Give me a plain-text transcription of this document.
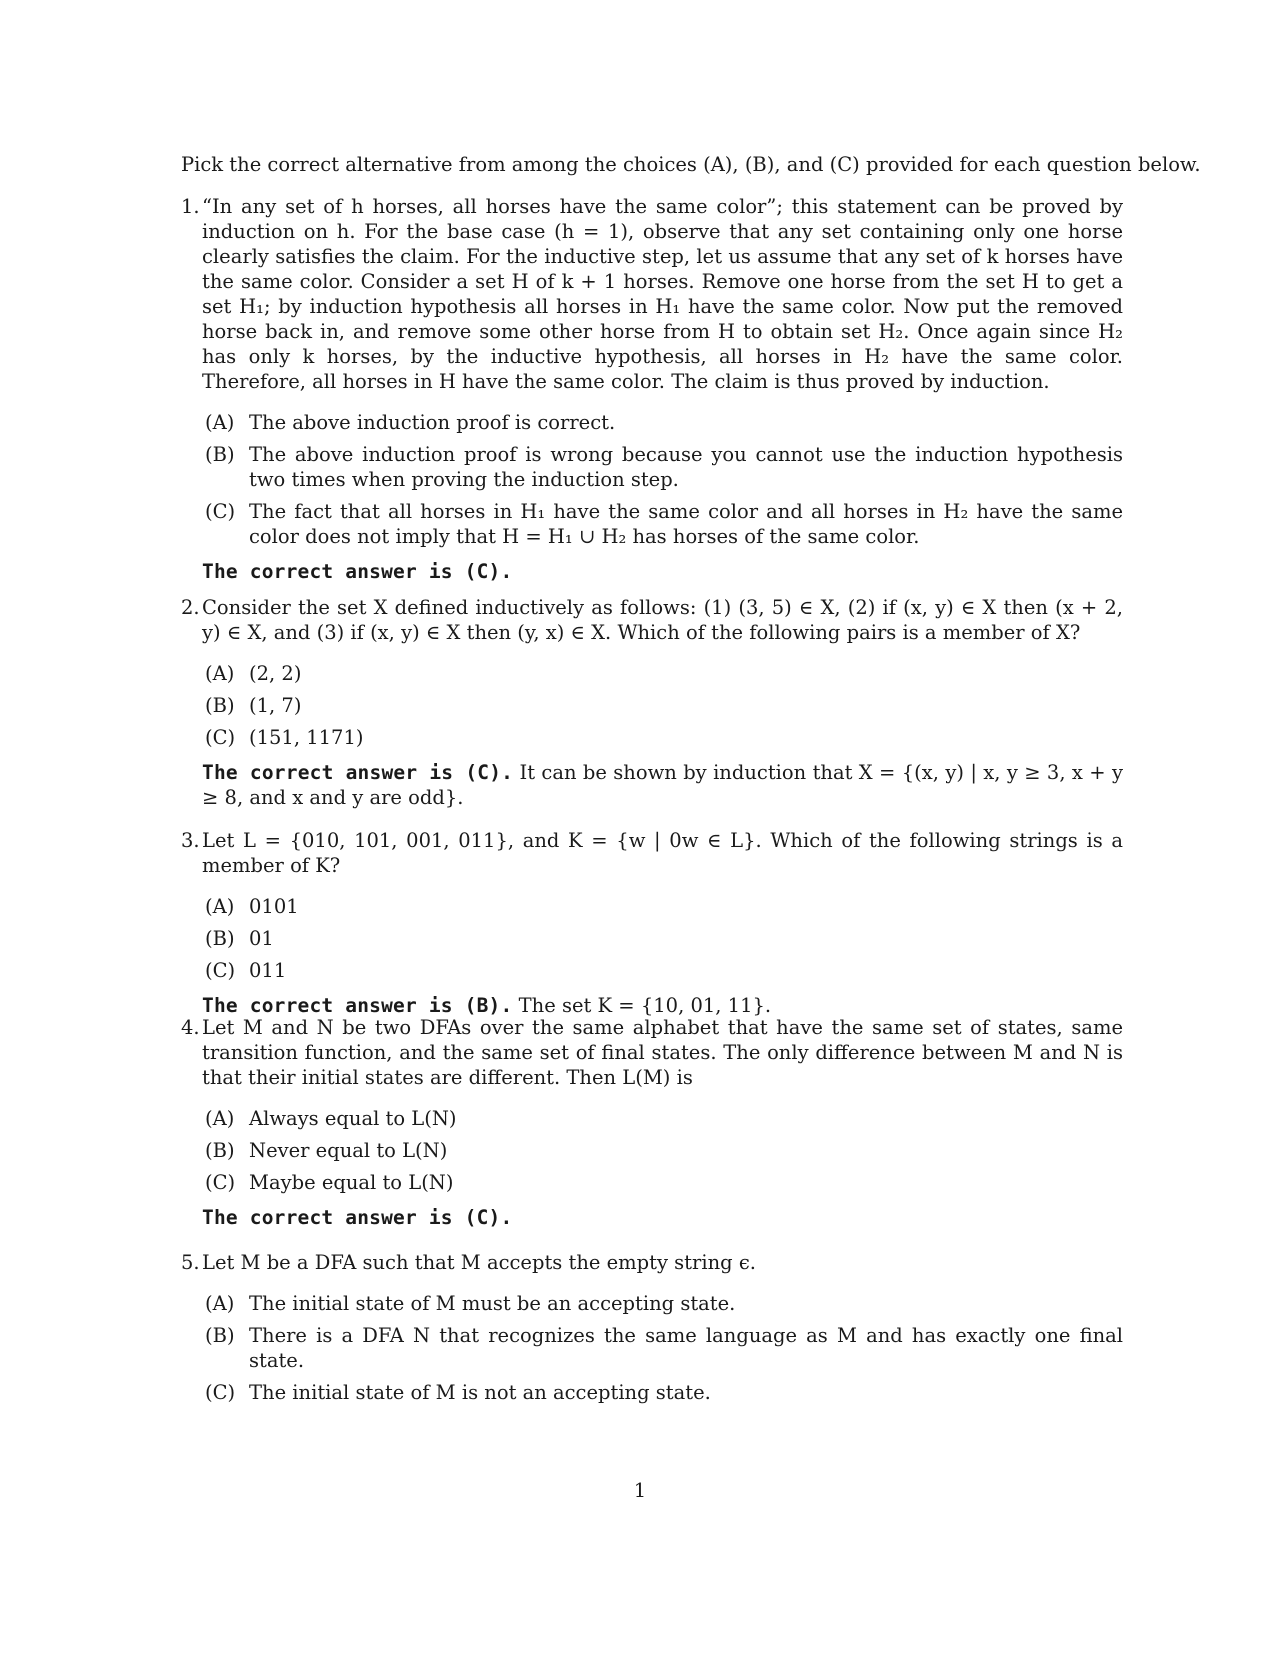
Pick the correct alternative from among the choices (A), (B), and (C) provided for each question below.
1. “In any set of h horses, all horses have the same color”; this statement can be proved by induction on h. For the base case (h = 1), observe that any set containing only one horse clearly satisfies the claim. For the inductive step, let us assume that any set of k horses have the same color. Consider a set H of k + 1 horses. Remove one horse from the set H to get a set H₁; by induction hypothesis all horses in H₁ have the same color. Now put the removed horse back in, and remove some other horse from H to obtain set H₂. Once again since H₂ has only k horses, by the inductive hypothesis, all horses in H₂ have the same color. Therefore, all horses in H have the same color. The claim is thus proved by induction.
(A) The above induction proof is correct.
(B) The above induction proof is wrong because you cannot use the induction hypothesis two times when proving the induction step.
(C) The fact that all horses in H₁ have the same color and all horses in H₂ have the same color does not imply that H = H₁ ∪ H₂ has horses of the same color.
The correct answer is (C).
2. Consider the set X defined inductively as follows: (1) (3, 5) ∈ X, (2) if (x, y) ∈ X then (x + 2, y) ∈ X, and (3) if (x, y) ∈ X then (y, x) ∈ X. Which of the following pairs is a member of X?
(A) (2, 2)
(B) (1, 7)
(C) (151, 1171)
The correct answer is (C). It can be shown by induction that X = {(x, y) | x, y ≥ 3, x + y ≥ 8, and x and y are odd}.
3. Let L = {010, 101, 001, 011}, and K = {w | 0w ∈ L}. Which of the following strings is a member of K?
(A) 0101
(B) 01
(C) 011
The correct answer is (B). The set K = {10, 01, 11}.
4. Let M and N be two DFAs over the same alphabet that have the same set of states, same transition function, and the same set of final states. The only difference between M and N is that their initial states are different. Then L(M) is
(A) Always equal to L(N)
(B) Never equal to L(N)
(C) Maybe equal to L(N)
The correct answer is (C).
5. Let M be a DFA such that M accepts the empty string ϵ.
(A) The initial state of M must be an accepting state.
(B) There is a DFA N that recognizes the same language as M and has exactly one final state.
(C) The initial state of M is not an accepting state.
1
